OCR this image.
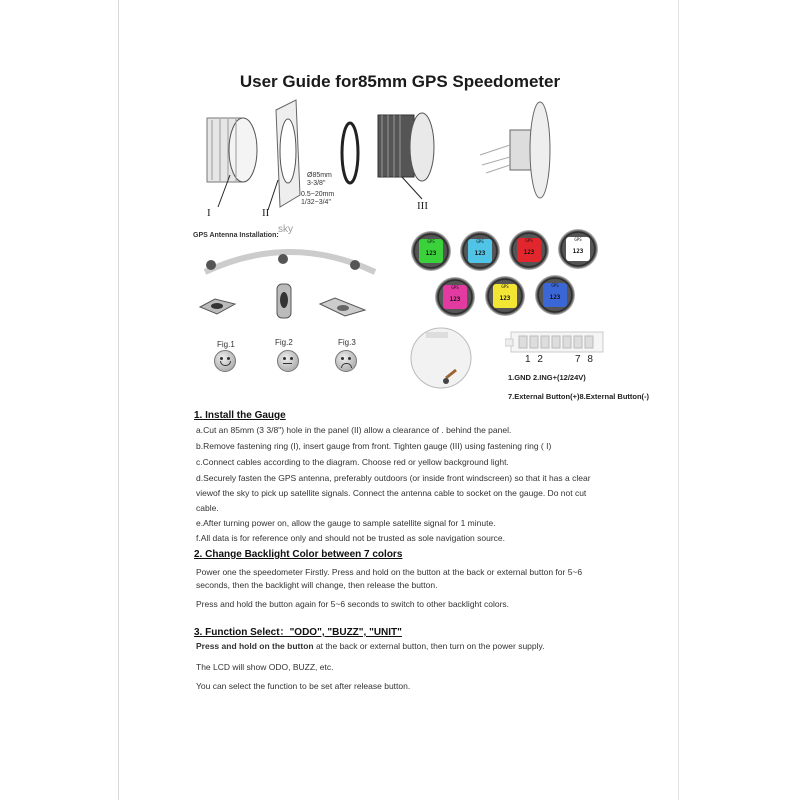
User Guide for85mm GPS Speedometer
Ø85mm
3-3/8"
0.5~20mm
1/32~3/4"
I	II
III
GPS Antenna Installation:
sky
Fig.1	Fig.2	Fig.3
GPS
123
GPS
123
GPS
123
GPS
123
GPS
123
GPS
123
GPS
123
1 2	7 8
1.GND 2.ING+(12/24V)
7.External Button(+)8.External Button(-)
1. Install the Gauge
a.Cut an 85mm (3 3/8") hole in the panel (II) allow a clearance of . behind the panel.
b.Remove fastening ring (I), insert gauge from front. Tighten gauge (III) using fastening ring ( I)
c.Connect cables according to the diagram. Choose red or yellow background light.
d.Securely fasten the GPS antenna, preferably outdoors (or inside front windscreen) so that it has a clear
viewof the sky to pick up satellite signals. Connect the antenna cable to socket on the gauge. Do not cut
cable.
e.After turning power on, allow the gauge to sample satellite signal for 1 minute.
f.All data is for reference only and should not be trusted as sole navigation source.
2. Change Backlight Color between 7 colors
Power one the speedometer Firstly. Press and hold on the button at the back or external button for 5~6
seconds, then the backlight will change, then release the button.
Press and hold the button again for 5~6 seconds to switch to other backlight colors.
3. Function Select："ODO", "BUZZ", "UNIT"
Press and hold on the button at the back or external button, then turn on the power supply.
The LCD will show ODO, BUZZ, etc.
You can select the function to be set after release button.
